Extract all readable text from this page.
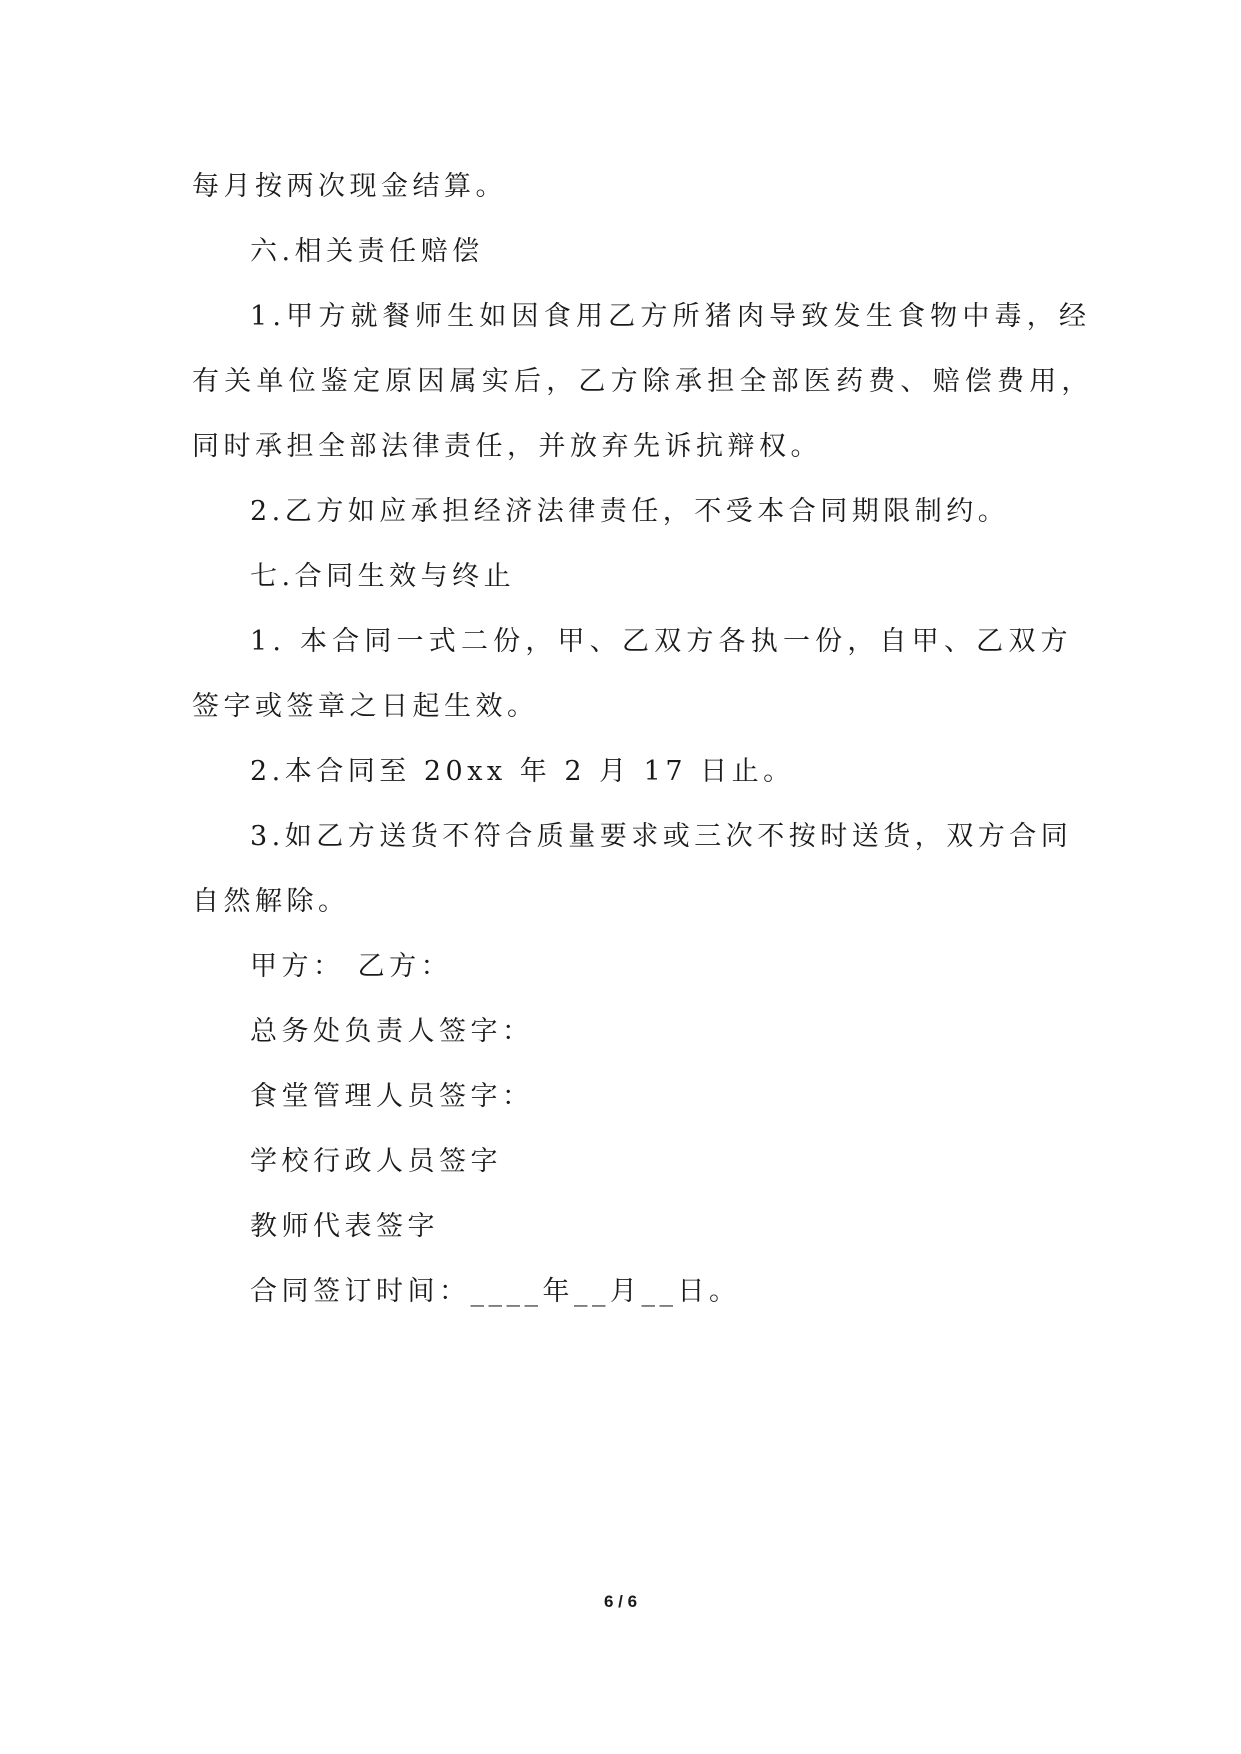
每月按两次现金结算。
六.相关责任赔偿
1.甲方就餐师生如因食用乙方所猪肉导致发生食物中毒，经
有关单位鉴定原因属实后，乙方除承担全部医药费、赔偿费用，
同时承担全部法律责任，并放弃先诉抗辩权。
2.乙方如应承担经济法律责任，不受本合同期限制约。
七.合同生效与终止
1. 本合同一式二份，甲、乙双方各执一份，自甲、乙双方
签字或签章之日起生效。
2.本合同至 20xx 年 2 月 17 日止。
3.如乙方送货不符合质量要求或三次不按时送货，双方合同
自然解除。
甲方： 乙方：
总务处负责人签字：
食堂管理人员签字：
学校行政人员签字
教师代表签字
合同签订时间：____年__月__日。
6 / 6
